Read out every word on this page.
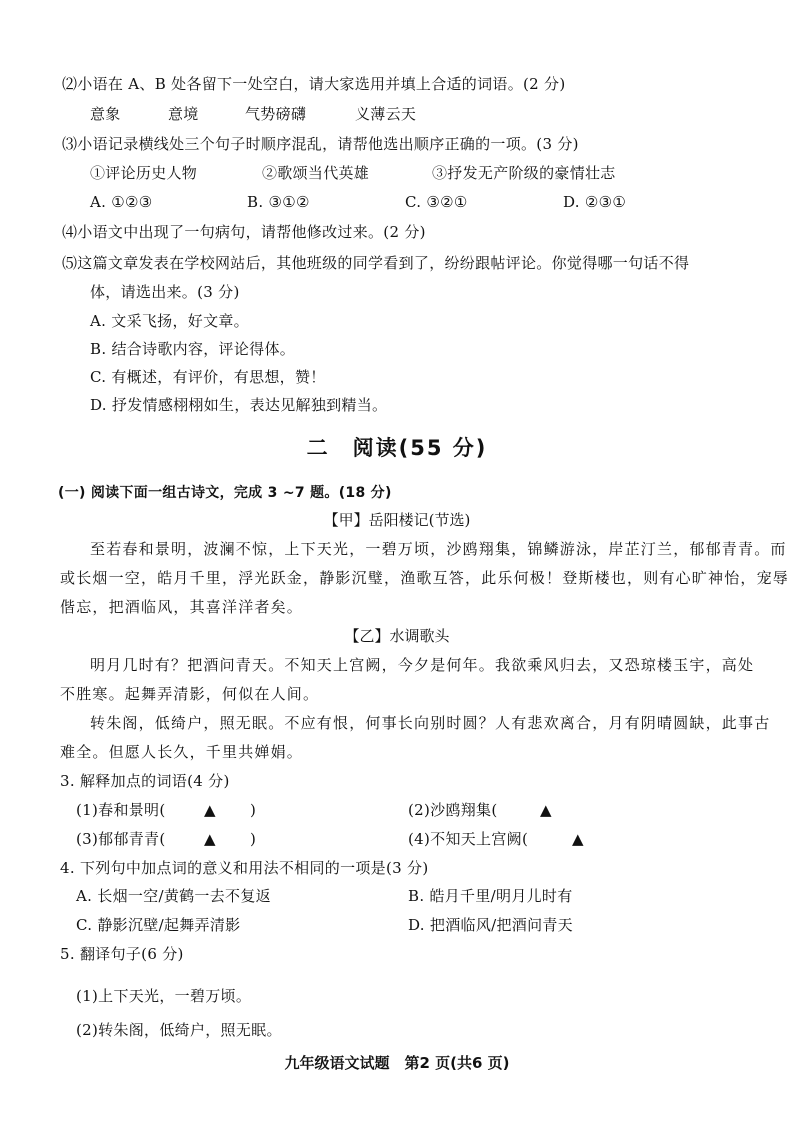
⑵小语在 A、B 处各留下一处空白，请大家选用并填上合适的词语。(2 分)
意象	意境	气势磅礴	义薄云天
⑶小语记录横线处三个句子时顺序混乱，请帮他选出顺序正确的一项。(3 分)
①评论历史人物	②歌颂当代英雄	③抒发无产阶级的豪情壮志
A. ①②③	B. ③①②	C. ③②①	D. ②③①
⑷小语文中出现了一句病句，请帮他修改过来。(2 分)
⑸这篇文章发表在学校网站后，其他班级的同学看到了，纷纷跟帖评论。你觉得哪一句话不得
体，请选出来。(3 分)
A. 文采飞扬，好文章。
B. 结合诗歌内容，评论得体。
C. 有概述，有评价，有思想，赞！
D. 抒发情感栩栩如生，表达见解独到精当。
二　阅读(55 分)
(一) 阅读下面一组古诗文，完成 3 ~7 题。(18 分)
【甲】岳阳楼记(节选)
至若春和景明，波澜不惊，上下天光，一碧万顷，沙鸥翔集，锦鳞游泳，岸芷汀兰，郁郁青青。而
或长烟一空，皓月千里，浮光跃金，静影沉璧，渔歌互答，此乐何极！登斯楼也，则有心旷神怡，宠辱
偕忘，把酒临风，其喜洋洋者矣。
【乙】水调歌头
明月几时有？把酒问青天。不知天上宫阙，今夕是何年。我欲乘风归去，又恐琼楼玉宇，高处
不胜寒。起舞弄清影，何似在人间。
转朱阁，低绮户，照无眠。不应有恨，何事长向别时圆？人有悲欢离合，月有阴晴圆缺，此事古
难全。但愿人长久，千里共婵娟。
3. 解释加点的词语(4 分)
(1)春和景明(	▲ )	(2)沙鸥翔集(	▲
(3)郁郁青青(	▲ )	(4)不知天上宫阙(	▲
4. 下列句中加点词的意义和用法不相同的一项是(3 分)
A. 长烟一空/黄鹤一去不复返	B. 皓月千里/明月儿时有
C. 静影沉壁/起舞弄清影	D. 把酒临风/把酒问青天
5. 翻译句子(6 分)
(1)上下天光，一碧万顷。
(2)转朱阁，低绮户，照无眠。
九年级语文试题　第2 页(共6 页)
